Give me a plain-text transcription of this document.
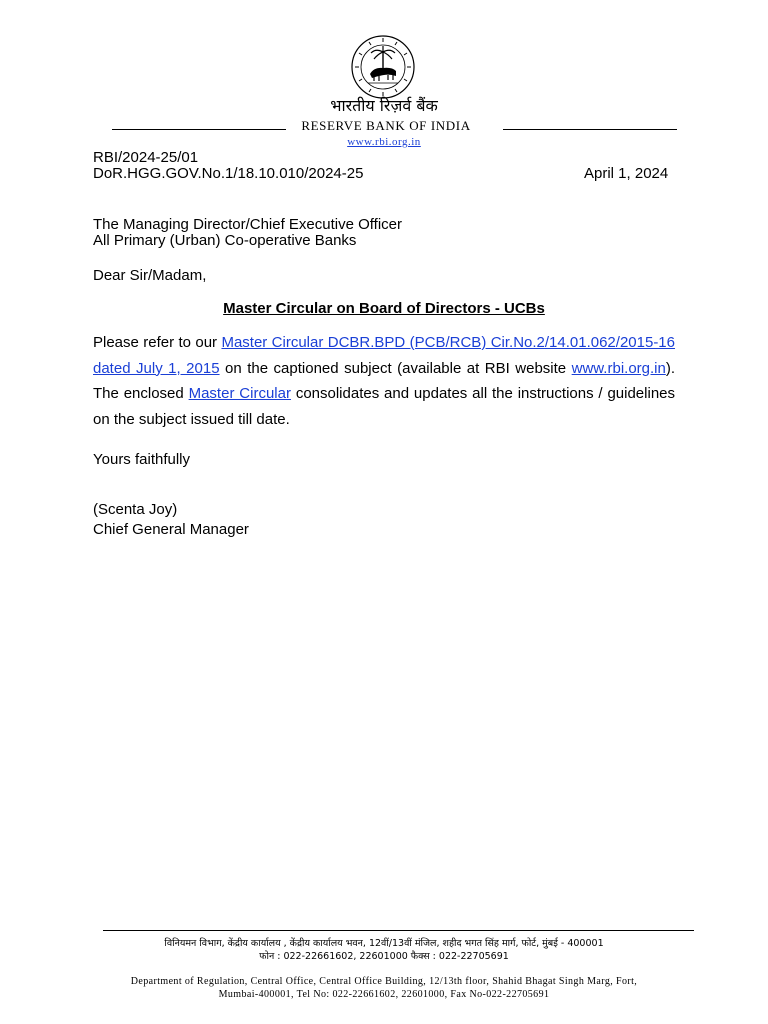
भारतीय रिज़र्व बैंक
RESERVE BANK OF INDIA
www.rbi.org.in
RBI/2024-25/01
DoR.HGG.GOV.No.1/18.10.010/2024-25	April 1, 2024
The Managing Director/Chief Executive Officer
All Primary (Urban) Co-operative Banks
Dear Sir/Madam,
Master Circular on Board of Directors - UCBs
Please refer to our Master Circular DCBR.BPD (PCB/RCB) Cir.No.2/14.01.062/2015-16 dated July 1, 2015 on the captioned subject (available at RBI website www.rbi.org.in). The enclosed Master Circular consolidates and updates all the instructions / guidelines on the subject issued till date.
Yours faithfully
(Scenta Joy)
Chief General Manager
विनियमन विभाग, केंद्रीय कार्यालय , केंद्रीय कार्यालय भवन, 12वीं/13वीं मंजिल, शहीद भगत सिंह मार्ग, फोर्ट, मुंबई - 400001
फोन : 022-22661602, 22601000 फैक्स : 022-22705691
Department of Regulation, Central Office, Central Office Building, 12/13th floor, Shahid Bhagat Singh Marg, Fort,
Mumbai-400001, Tel No: 022-22661602, 22601000, Fax No-022-22705691
